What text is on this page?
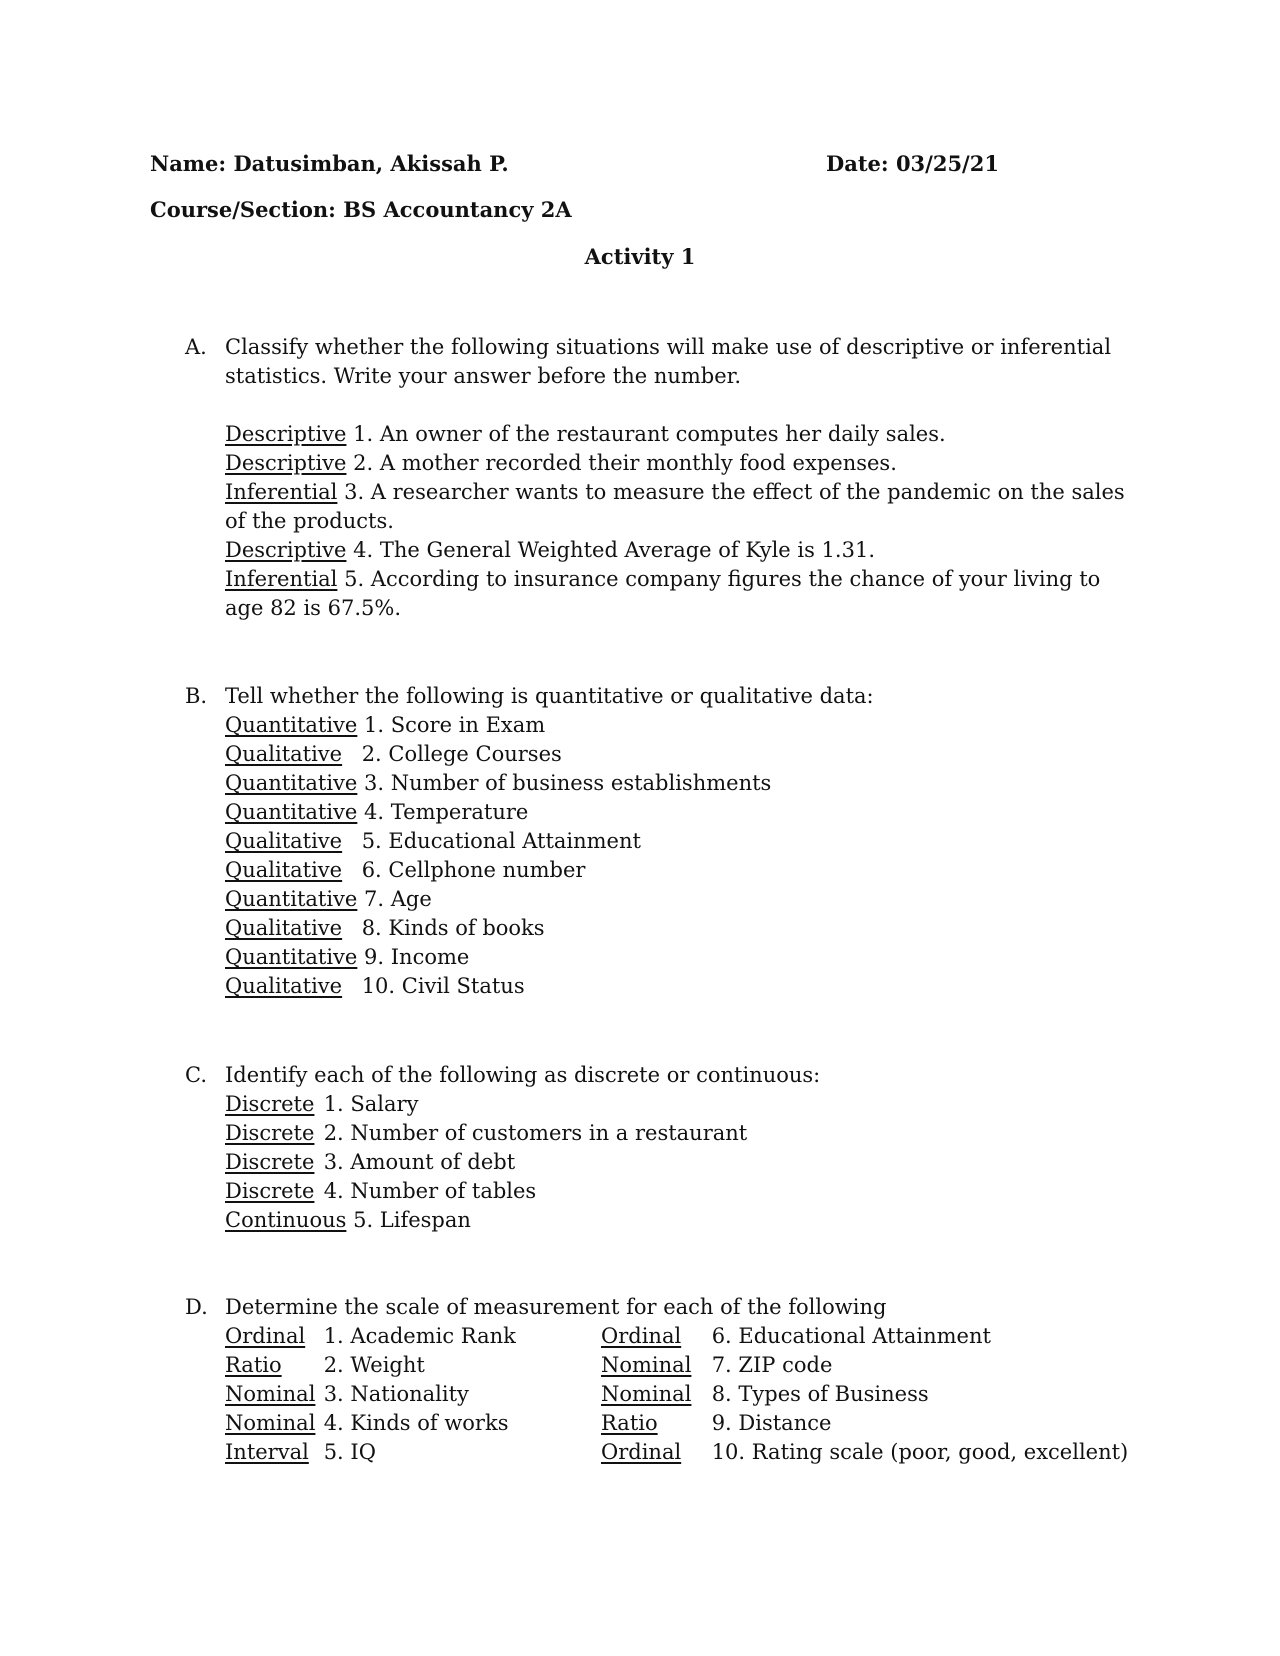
Name: Datusimban, Akissah P.	Date: 03/25/21
Course/Section: BS Accountancy 2A
Activity 1
A. Classify whether the following situations will make use of descriptive or inferential statistics. Write your answer before the number.
Descriptive 1. An owner of the restaurant computes her daily sales.
Descriptive 2. A mother recorded their monthly food expenses.
Inferential 3. A researcher wants to measure the effect of the pandemic on the sales of the products.
Descriptive 4. The General Weighted Average of Kyle is 1.31.
Inferential 5. According to insurance company figures the chance of your living to age 82 is 67.5%.
B. Tell whether the following is quantitative or qualitative data:
Quantitative 1. Score in Exam
Qualitative 2. College Courses
Quantitative 3. Number of business establishments
Quantitative 4. Temperature
Qualitative 5. Educational Attainment
Qualitative 6. Cellphone number
Quantitative 7. Age
Qualitative 8. Kinds of books
Quantitative 9. Income
Qualitative 10. Civil Status
C. Identify each of the following as discrete or continuous:
Discrete 1. Salary
Discrete 2. Number of customers in a restaurant
Discrete 3. Amount of debt
Discrete 4. Number of tables
Continuous 5. Lifespan
D. Determine the scale of measurement for each of the following
Ordinal 1. Academic Rank
Ratio 2. Weight
Nominal 3. Nationality
Nominal 4. Kinds of works
Interval 5. IQ
Ordinal 6. Educational Attainment
Nominal 7. ZIP code
Nominal 8. Types of Business
Ratio	9. Distance
Ordinal 10. Rating scale (poor, good, excellent)
